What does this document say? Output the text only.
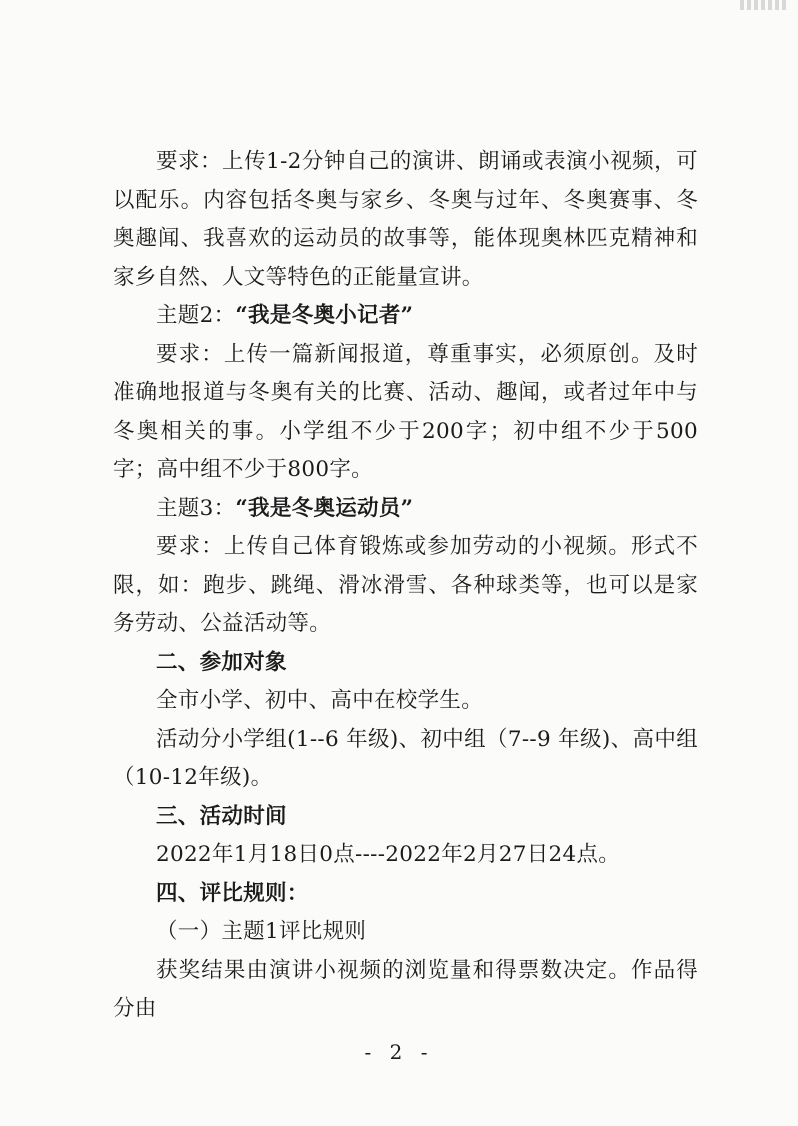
要求：上传1-2分钟自己的演讲、朗诵或表演小视频，可以配乐。内容包括冬奥与家乡、冬奥与过年、冬奥赛事、冬奥趣闻、我喜欢的运动员的故事等，能体现奥林匹克精神和家乡自然、人文等特色的正能量宣讲。

主题2：“我是冬奥小记者”

要求：上传一篇新闻报道，尊重事实，必须原创。及时准确地报道与冬奥有关的比赛、活动、趣闻，或者过年中与冬奥相关的事。小学组不少于200字；初中组不少于500字；高中组不少于800字。

主题3：“我是冬奥运动员”

要求：上传自己体育锻炼或参加劳动的小视频。形式不限，如：跑步、跳绳、滑冰滑雪、各种球类等，也可以是家务劳动、公益活动等。

二、参加对象

全市小学、初中、高中在校学生。

活动分小学组(1--6 年级)、初中组（7--9 年级)、高中组（10-12年级)。

三、活动时间

2022年1月18日0点----2022年2月27日24点。

四、评比规则：

（一）主题1评比规则

获奖结果由演讲小视频的浏览量和得票数决定。作品得分由

- 2 -
